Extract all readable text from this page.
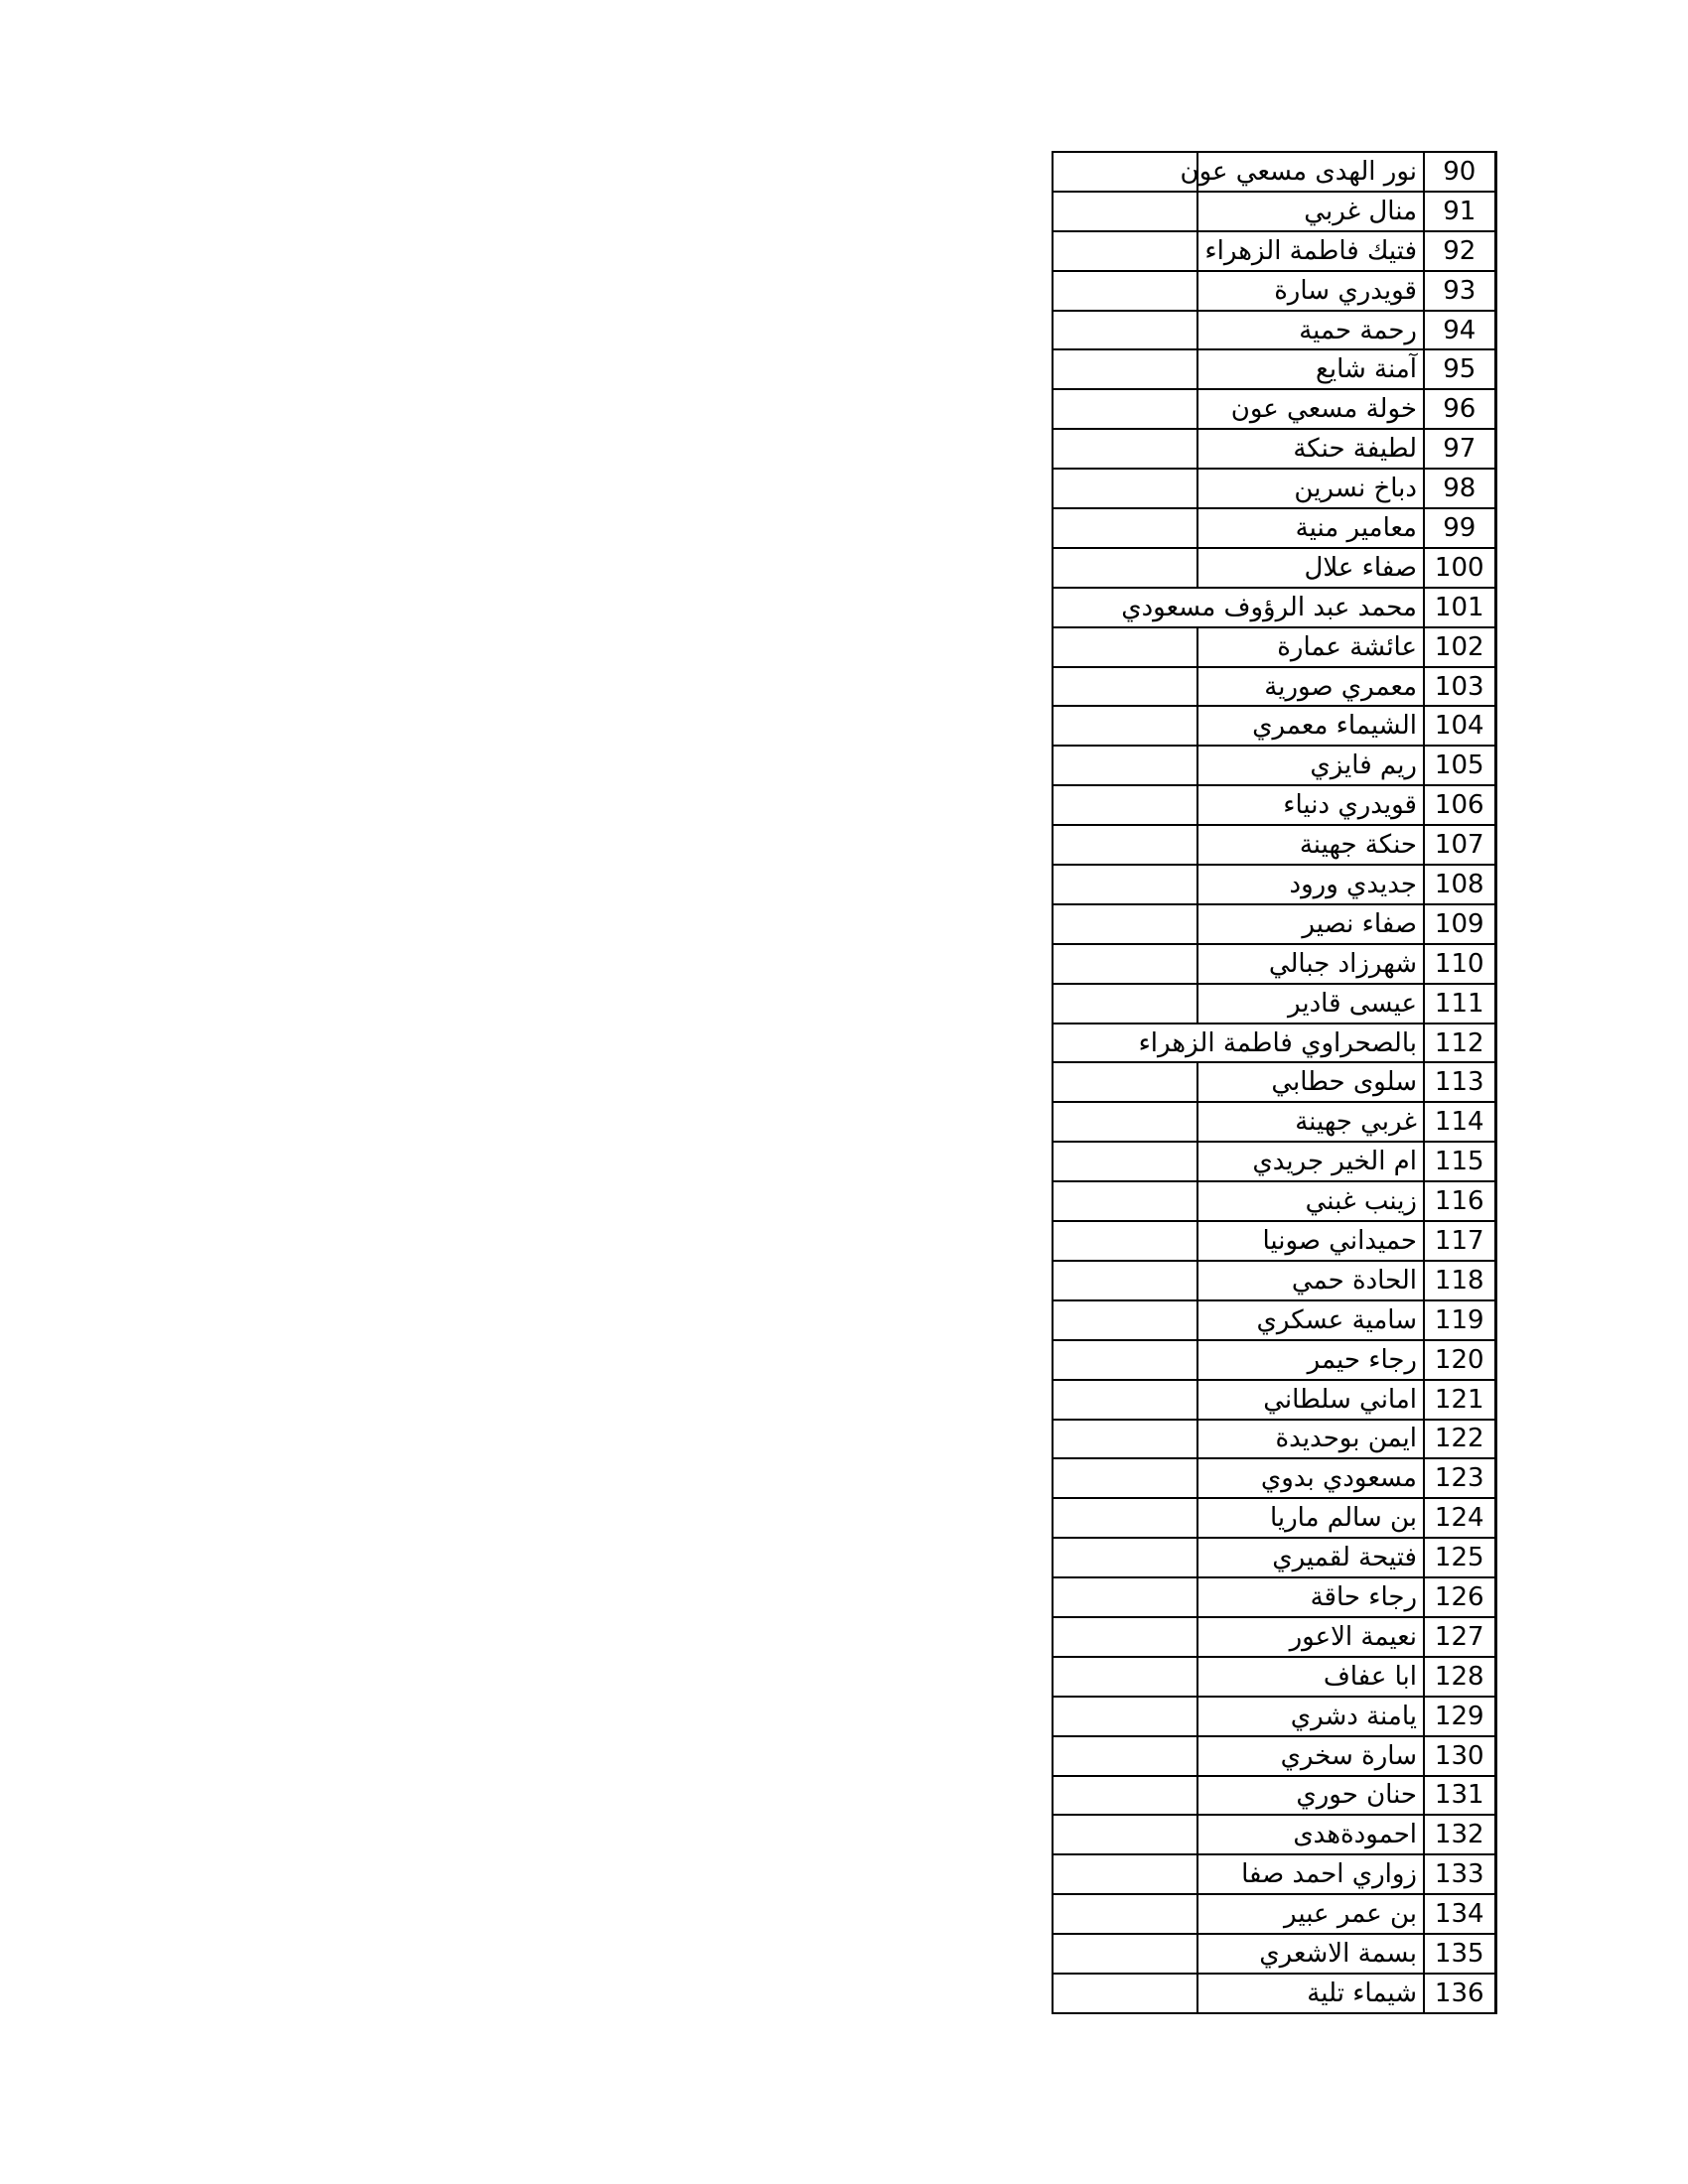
90	نور الهدى مسعي عون	
91	منال غربي	
92	فتيك فاطمة الزهراء	
93	قويدري سارة	
94	رحمة حمية	
95	آمنة شايع	
96	خولة مسعي عون	
97	لطيفة حنكة	
98	دباخ نسرين	
99	معامير منية	
100	صفاء علال	
101	محمد عبد الرؤوف مسعودي	
102	عائشة عمارة	
103	معمري صورية	
104	الشيماء معمري	
105	ريم فايزي	
106	قويدري دنياء	
107	حنكة جهينة	
108	جديدي ورود	
109	صفاء نصير	
110	شهرزاد جبالي	
111	عيسى قادير	
112	بالصحراوي فاطمة الزهراء	
113	سلوى حطابي	
114	غربي جهينة	
115	ام الخير جريدي	
116	زينب غبني	
117	حميداني صونيا	
118	الحادة حمي	
119	سامية عسكري	
120	رجاء حيمر	
121	اماني سلطاني	
122	ايمن بوحديدة	
123	مسعودي بدوي	
124	بن سالم ماريا	
125	فتيحة لقميري	
126	رجاء حاقة	
127	نعيمة الاعور	
128	ابا عفاف	
129	يامنة دشري	
130	سارة سخري	
131	حنان حوري	
132	احمودةهدى	
133	زواري احمد صفا	
134	بن عمر عبير	
135	بسمة الاشعري	
136	شيماء تلية	
